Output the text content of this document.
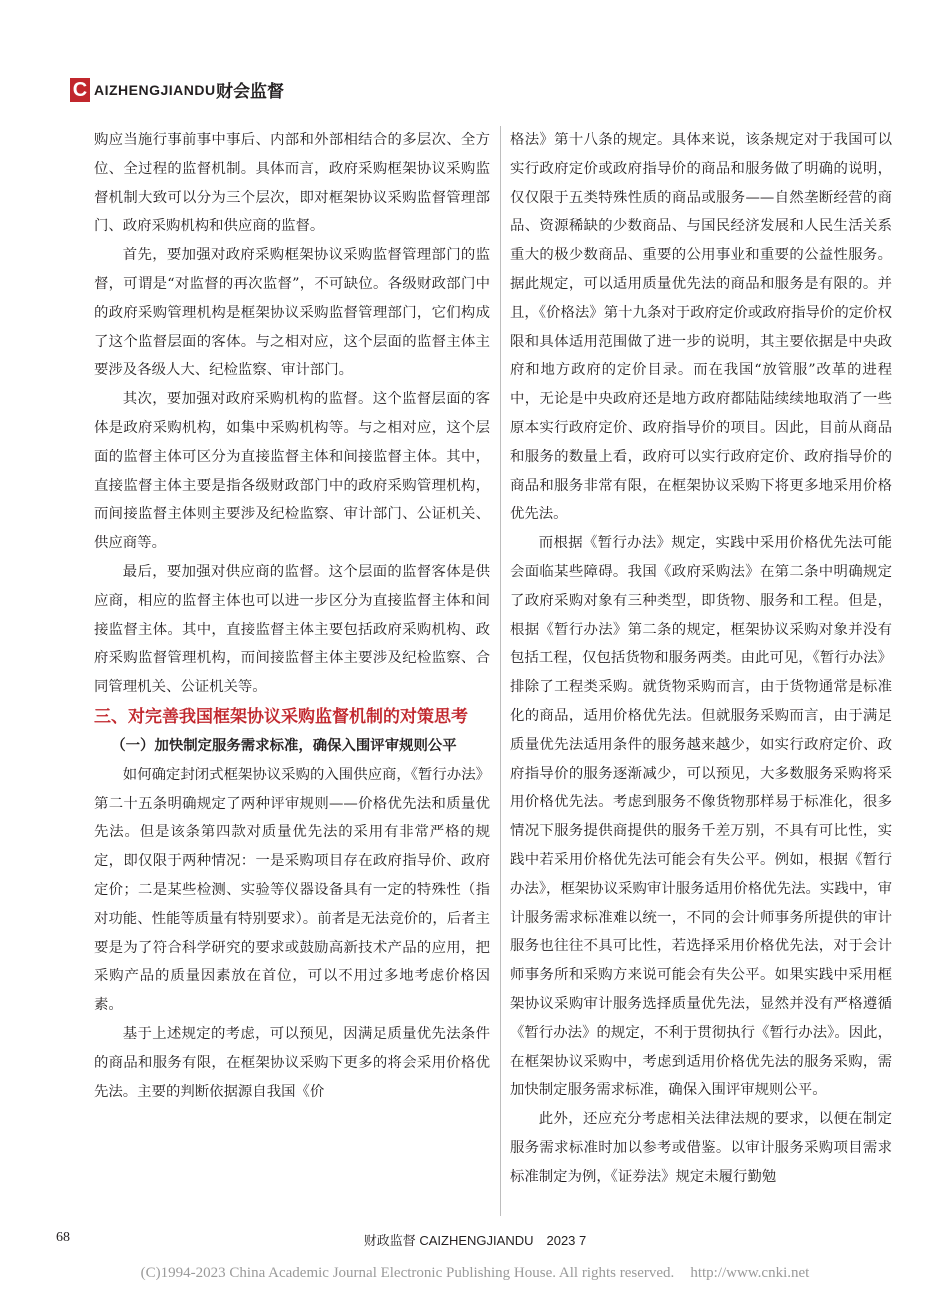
C AIZHENGJIANDU 财会监督

购应当施行事前事中事后、内部和外部相结合的多层次、全方位、全过程的监督机制。具体而言，政府采购框架协议采购监督机制大致可以分为三个层次，即对框架协议采购监督管理部门、政府采购机构和供应商的监督。

首先，要加强对政府采购框架协议采购监督管理部门的监督，可谓是“对监督的再次监督”，不可缺位。各级财政部门中的政府采购管理机构是框架协议采购监督管理部门，它们构成了这个监督层面的客体。与之相对应，这个层面的监督主体主要涉及各级人大、纪检监察、审计部门。

其次，要加强对政府采购机构的监督。这个监督层面的客体是政府采购机构，如集中采购机构等。与之相对应，这个层面的监督主体可区分为直接监督主体和间接监督主体。其中，直接监督主体主要是指各级财政部门中的政府采购管理机构，而间接监督主体则主要涉及纪检监察、审计部门、公证机关、供应商等。

最后，要加强对供应商的监督。这个层面的监督客体是供应商，相应的监督主体也可以进一步区分为直接监督主体和间接监督主体。其中，直接监督主体主要包括政府采购机构、政府采购监督管理机构，而间接监督主体主要涉及纪检监察、合同管理机关、公证机关等。

三、对完善我国框架协议采购监督机制的对策思考
（一）加快制定服务需求标准，确保入围评审规则公平

如何确定封闭式框架协议采购的入围供应商，《暂行办法》第二十五条明确规定了两种评审规则——价格优先法和质量优先法。但是该条第四款对质量优先法的采用有非常严格的规定，即仅限于两种情况：一是采购项目存在政府指导价、政府定价；二是某些检测、实验等仪器设备具有一定的特殊性（指对功能、性能等质量有特别要求）。前者是无法竞价的，后者主要是为了符合科学研究的要求或鼓励高新技术产品的应用，把采购产品的质量因素放在首位，可以不用过多地考虑价格因素。

基于上述规定的考虑，可以预见，因满足质量优先法条件的商品和服务有限，在框架协议采购下更多的将会采用价格优先法。主要的判断依据源自我国《价

格法》第十八条的规定。具体来说，该条规定对于我国可以实行政府定价或政府指导价的商品和服务做了明确的说明，仅仅限于五类特殊性质的商品或服务——自然垄断经营的商品、资源稀缺的少数商品、与国民经济发展和人民生活关系重大的极少数商品、重要的公用事业和重要的公益性服务。据此规定，可以适用质量优先法的商品和服务是有限的。并且，《价格法》第十九条对于政府定价或政府指导价的定价权限和具体适用范围做了进一步的说明，其主要依据是中央政府和地方政府的定价目录。而在我国“放管服”改革的进程中，无论是中央政府还是地方政府都陆陆续续地取消了一些原本实行政府定价、政府指导价的项目。因此，目前从商品和服务的数量上看，政府可以实行政府定价、政府指导价的商品和服务非常有限，在框架协议采购下将更多地采用价格优先法。

而根据《暂行办法》规定，实践中采用价格优先法可能会面临某些障碍。我国《政府采购法》在第二条中明确规定了政府采购对象有三种类型，即货物、服务和工程。但是，根据《暂行办法》第二条的规定，框架协议采购对象并没有包括工程，仅包括货物和服务两类。由此可见，《暂行办法》排除了工程类采购。就货物采购而言，由于货物通常是标准化的商品，适用价格优先法。但就服务采购而言，由于满足质量优先法适用条件的服务越来越少，如实行政府定价、政府指导价的服务逐渐减少，可以预见，大多数服务采购将采用价格优先法。考虑到服务不像货物那样易于标准化，很多情况下服务提供商提供的服务千差万别，不具有可比性，实践中若采用价格优先法可能会有失公平。例如，根据《暂行办法》，框架协议采购审计服务适用价格优先法。实践中，审计服务需求标准难以统一，不同的会计师事务所提供的审计服务也往往不具可比性，若选择采用价格优先法，对于会计师事务所和采购方来说可能会有失公平。如果实践中采用框架协议采购审计服务选择质量优先法，显然并没有严格遵循《暂行办法》的规定，不利于贯彻执行《暂行办法》。因此，在框架协议采购中，考虑到适用价格优先法的服务采购，需加快制定服务需求标准，确保入围评审规则公平。

此外，还应充分考虑相关法律法规的要求，以便在制定服务需求标准时加以参考或借鉴。以审计服务采购项目需求标准制定为例，《证券法》规定未履行勤勉

68	财政监督 CAIZHENGJIANDU　2023 7
(C)1994-2023 China Academic Journal Electronic Publishing House. All rights reserved. http://www.cnki.net
